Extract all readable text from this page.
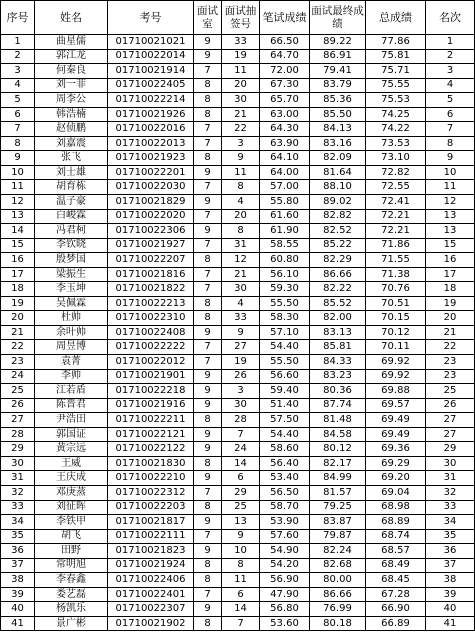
序号	姓名	考号	面试室	面试抽签号	笔试成绩	面试最终成绩	总成绩	名次
1	曲星儒	01710021021	9	33	66.50	89.22	77.86	1
2	郭江龙	01710022014	9	19	64.70	86.91	75.81	2
3	何秦良	01710021914	7	11	72.00	79.41	75.71	3
4	刘一菲	01710022405	8	20	67.30	83.79	75.55	4
5	周李公	01710022214	8	30	65.70	85.36	75.53	5
6	韩浩楠	01710021926	8	21	63.00	85.50	74.25	6
7	赵侦鹏	01710022016	7	22	64.30	84.13	74.22	7
8	刘嘉震	01710022013	7	3	63.90	83.16	73.53	8
9	张飞	01710021923	8	9	64.10	82.09	73.10	9
10	刘士雄	01710022201	9	11	64.00	81.64	72.82	10
11	胡育栋	01710022030	7	8	57.00	88.10	72.55	11
12	温子豪	01710021829	9	4	55.80	89.02	72.41	12
13	白峻霖	01710022020	7	20	61.60	82.82	72.21	13
14	冯君柯	01710022306	9	8	61.90	82.52	72.21	13
15	李钦晓	01710021927	7	31	58.55	85.22	71.86	15
16	殷梦国	01710022207	8	12	60.80	82.29	71.55	16
17	梁振生	01710021816	7	21	56.10	86.66	71.38	17
18	李玉坤	01710021822	7	30	59.30	82.22	70.76	18
19	吴佩霖	01710022213	8	4	55.50	85.52	70.51	19
20	杜帅	01710022310	8	33	58.30	82.00	70.15	20
21	余叶帅	01710022408	9	9	57.10	83.13	70.12	21
22	周昱博	01710022222	7	27	54.40	85.81	70.11	22
23	袁菁	01710022012	7	19	55.50	84.33	69.92	23
24	李帅	01710021901	9	26	56.60	83.23	69.92	23
25	江若盾	01710022218	9	3	59.40	80.36	69.88	25
26	陈晋君	01710021916	9	30	51.40	87.74	69.57	26
27	尹浩田	01710022211	8	28	57.50	81.48	69.49	27
28	郭国证	01710022121	9	7	54.40	84.58	69.49	27
29	黄宗远	01710022122	9	24	58.60	80.12	69.36	29
30	王威	01710021830	8	14	56.40	82.17	69.29	30
31	王庆成	01710022210	9	6	53.40	84.99	69.20	31
32	邓庚蒸	01710022312	7	29	56.50	81.57	69.04	32
33	刘征晖	01710022203	8	25	58.70	79.25	68.98	33
34	李铁甲	01710021817	9	13	53.90	83.87	68.89	34
35	胡飞	01710022111	7	9	57.60	79.87	68.74	35
36	田野	01710021823	9	10	54.90	82.24	68.57	36
37	常明旭	01710021924	8	8	54.20	82.68	68.49	37
38	李春鑫	01710022406	8	11	56.90	80.00	68.45	38
39	娄艺磊	01710022401	7	6	47.90	86.66	67.28	39
40	杨凯乐	01710022307	9	14	56.80	76.99	66.90	40
41	景广彬	01710021902	8	7	53.60	80.18	66.89	41
